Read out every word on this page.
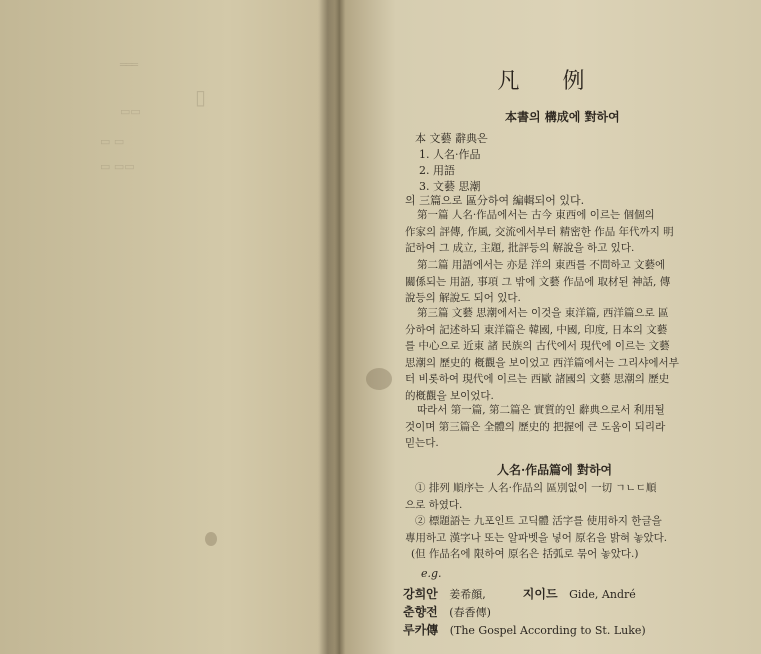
═══
▯
▭▭
▭ ▭
▭ ▭▭
凡 例
本書의 構成에 對하여
本 文藝 辭典은
1. 人名·作品
2. 用語
3. 文藝 思潮
의 三篇으로 區分하여 編輯되어 있다.
第一篇 人名·作品에서는 古今 東西에 이르는 個個의
作家의 評傳, 作風, 交流에서부터 精密한 作品 年代까지 明
記하여 그 成立, 主題, 批評등의 解說을 하고 있다.
第二篇 用語에서는 亦是 洋의 東西를 不問하고 文藝에
關係되는 用語, 事項 그 밖에 文藝 作品에 取材된 神話, 傳
說등의 解說도 되어 있다.
第三篇 文藝 思潮에서는 이것을 東洋篇, 西洋篇으로 區
分하여 記述하되 東洋篇은 韓國, 中國, 印度, 日本의 文藝
를 中心으로 近東 諸 民族의 古代에서 現代에 이르는 文藝
思潮의 歷史的 槪觀을 보이었고 西洋篇에서는 그리샤에서부
터 비롯하여 現代에 이르는 西歐 諸國의 文藝 思潮의 歷史
的槪觀을 보이었다.
따라서 第一篇, 第二篇은 實質的인 辭典으로서 利用될
것이며 第三篇은 全體의 歷史的 把握에 큰 도움이 되리라
믿는다.
人名·作品篇에 對하여
① 排列 順序는 人名·作品의 區別없이 一切 ㄱㄴㄷ順
으로 하였다.
② 標題語는 九포인트 고딕體 活字를 使用하지 한글을
專用하고 漢字나 또는 알파벳을 넣어 原名을 밝혀 놓았다.
(但 作品名에 限하여 原名은 括弧로 묶어 놓았다.)
e.g.
강희안 姜希顔,	지이드 Gide, André
춘향전 (春香傳)
루카傳 (The Gospel According to St. Luke)
